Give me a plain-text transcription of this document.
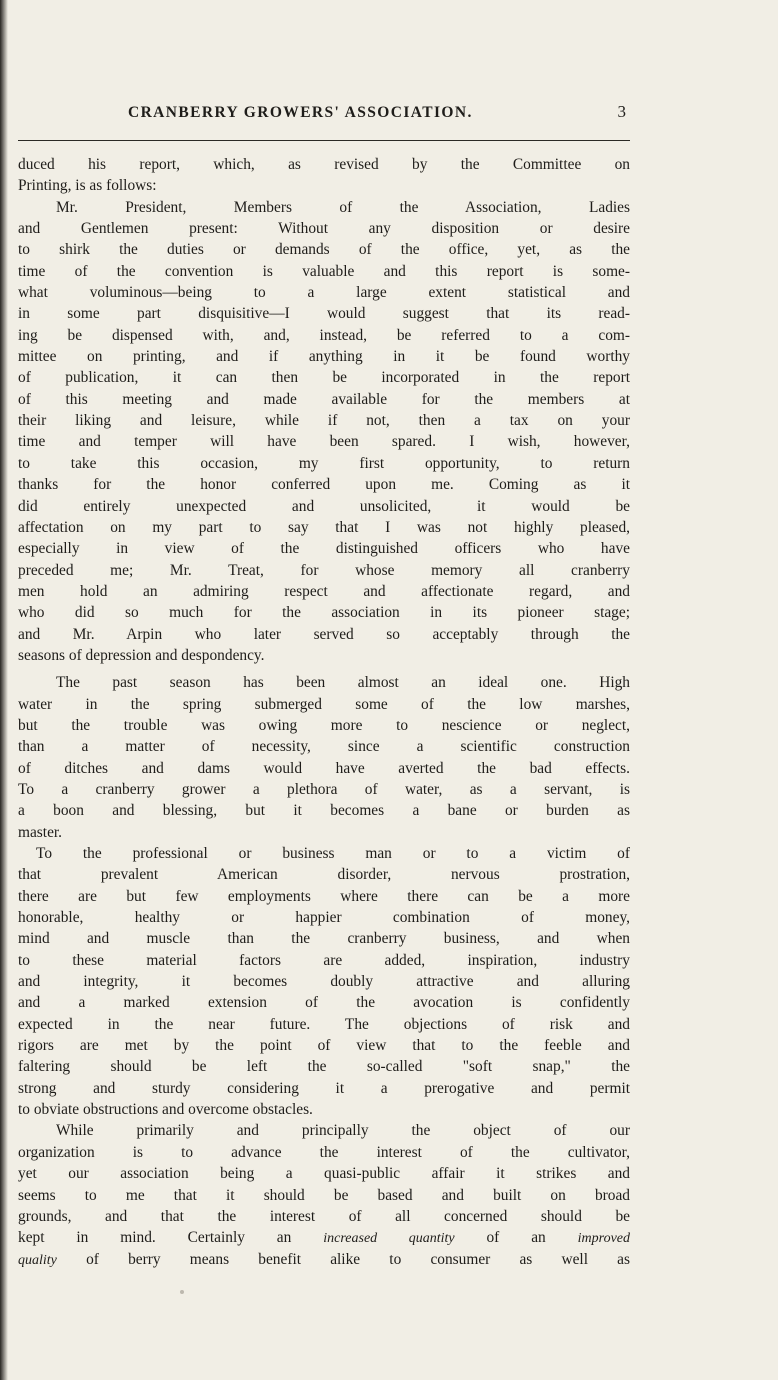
CRANBERRY GROWERS' ASSOCIATION.	3
duced his report, which, as revised by the Committee on
Printing, is as follows:
Mr. President, Members of the Association, Ladies
and Gentlemen present: Without any disposition or desire
to shirk the duties or demands of the office, yet, as the
time of the convention is valuable and this report is some-
what voluminous—being to a large extent statistical and
in some part disquisitive—I would suggest that its read-
ing be dispensed with, and, instead, be referred to a com-
mittee on printing, and if anything in it be found worthy
of publication, it can then be incorporated in the report
of this meeting and made available for the members at
their liking and leisure, while if not, then a tax on your
time and temper will have been spared. I wish, however,
to take this occasion, my first opportunity, to return
thanks for the honor conferred upon me. Coming as it
did entirely unexpected and unsolicited, it would be
affectation on my part to say that I was not highly pleased,
especially in view of the distinguished officers who have
preceded me; Mr. Treat, for whose memory all cranberry
men hold an admiring respect and affectionate regard, and
who did so much for the association in its pioneer stage;
and Mr. Arpin who later served so acceptably through the
seasons of depression and despondency.
The past season has been almost an ideal one. High
water in the spring submerged some of the low marshes,
but the trouble was owing more to nescience or neglect,
than a matter of necessity, since a scientific construction
of ditches and dams would have averted the bad effects.
To a cranberry grower a plethora of water, as a servant, is
a boon and blessing, but it becomes a bane or burden as
master.
To the professional or business man or to a victim of
that prevalent American disorder, nervous prostration,
there are but few employments where there can be a more
honorable, healthy or happier combination of money,
mind and muscle than the cranberry business, and when
to these material factors are added, inspiration, industry
and integrity, it becomes doubly attractive and alluring
and a marked extension of the avocation is confidently
expected in the near future. The objections of risk and
rigors are met by the point of view that to the feeble and
faltering should be left the so-called "soft snap," the
strong and sturdy considering it a prerogative and permit
to obviate obstructions and overcome obstacles.
While primarily and principally the object of our
organization is to advance the interest of the cultivator,
yet our association being a quasi-public affair it strikes and
seems to me that it should be based and built on broad
grounds, and that the interest of all concerned should be
kept in mind. Certainly an increased quantity of an improved
quality of berry means benefit alike to consumer as well as
